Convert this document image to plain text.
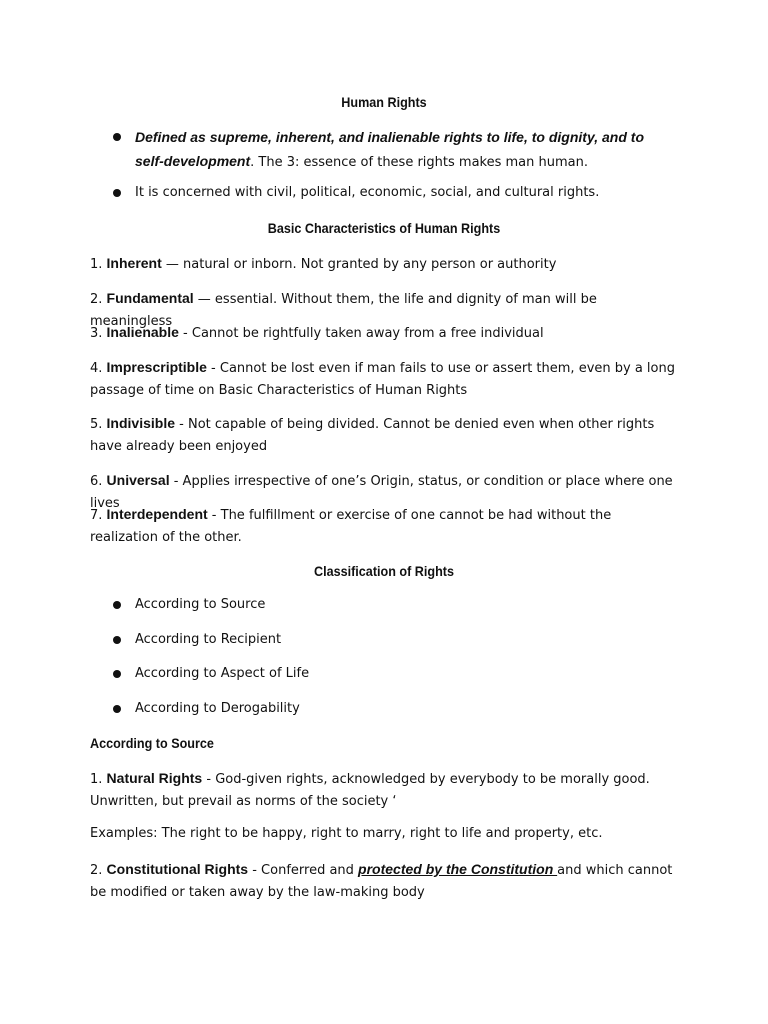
Human Rights
Defined as supreme, inherent, and inalienable rights to life, to dignity, and to self-development. The 3: essence of these rights makes man human.
It is concerned with civil, political, economic, social, and cultural rights.
Basic Characteristics of Human Rights
1. Inherent — natural or inborn. Not granted by any person or authority
2. Fundamental — essential. Without them, the life and dignity of man will be meaningless
3. Inalienable - Cannot be rightfully taken away from a free individual
4. Imprescriptible - Cannot be lost even if man fails to use or assert them, even by a long passage of time on Basic Characteristics of Human Rights
5. Indivisible - Not capable of being divided. Cannot be denied even when other rights have already been enjoyed
6. Universal - Applies irrespective of one’s Origin, status, or condition or place where one lives
7. Interdependent - The fulfillment or exercise of one cannot be had without the realization of the other.
Classification of Rights
According to Source
According to Recipient
According to Aspect of Life
According to Derogability
According to Source
1. Natural Rights - God-given rights, acknowledged by everybody to be morally good. Unwritten, but prevail as norms of the society ‘
Examples: The right to be happy, right to marry, right to life and property, etc.
2. Constitutional Rights - Conferred and protected by the Constitution and which cannot be modified or taken away by the law-making body
